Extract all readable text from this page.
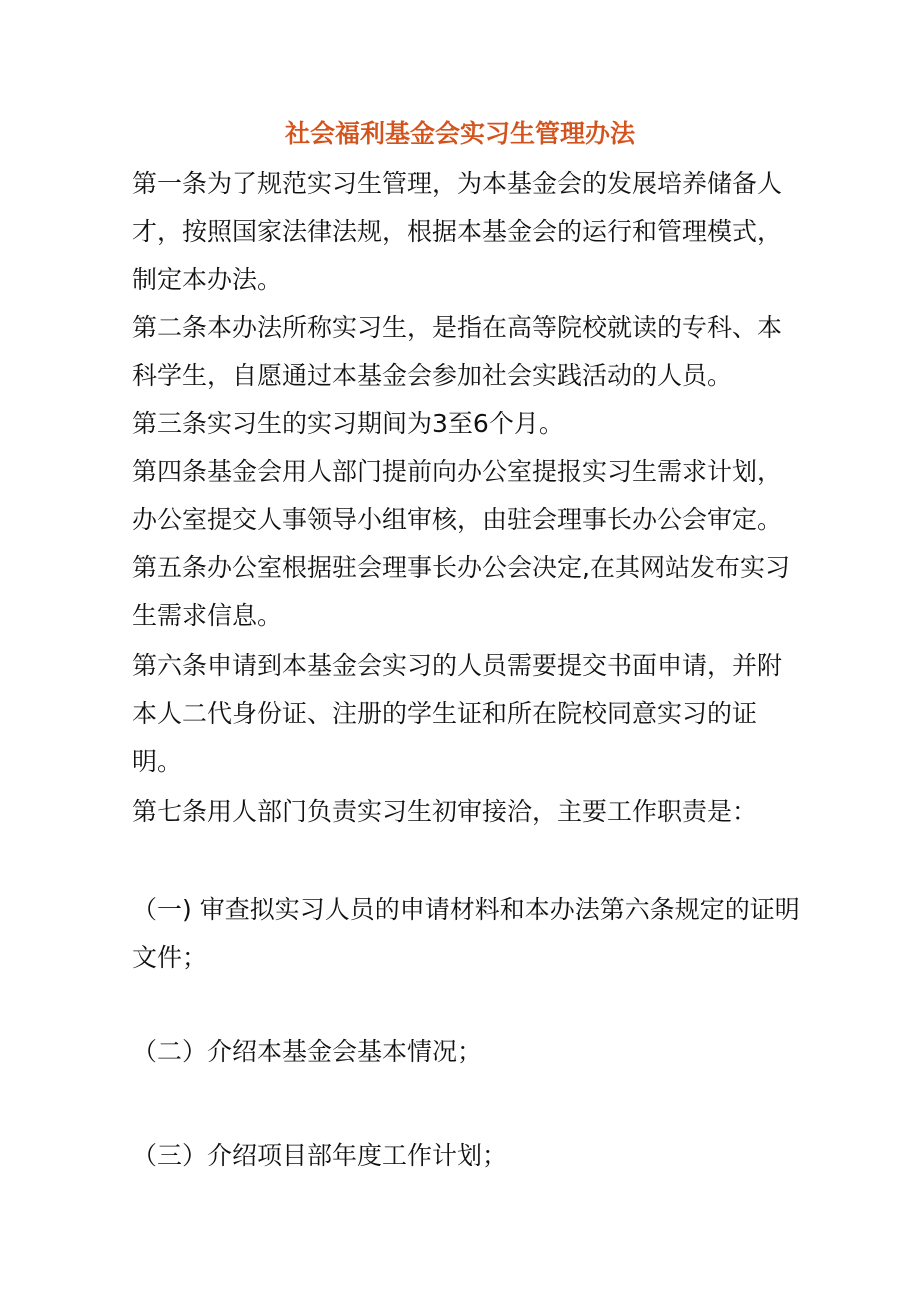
社会福利基金会实习生管理办法

第一条为了规范实习生管理，为本基金会的发展培养储备人

才，按照国家法律法规，根据本基金会的运行和管理模式，

制定本办法。

第二条本办法所称实习生，是指在高等院校就读的专科、本

科学生，自愿通过本基金会参加社会实践活动的人员。

第三条实习生的实习期间为3至6个月。

第四条基金会用人部门提前向办公室提报实习生需求计划，

办公室提交人事领导小组审核，由驻会理事长办公会审定。

第五条办公室根据驻会理事长办公会决定,在其网站发布实习

生需求信息。

第六条申请到本基金会实习的人员需要提交书面申请，并附

本人二代身份证、注册的学生证和所在院校同意实习的证

明。

第七条用人部门负责实习生初审接洽，主要工作职责是：

（一) 审查拟实习人员的申请材料和本办法第六条规定的证明

文件；

（二）介绍本基金会基本情况；

（三）介绍项目部年度工作计划；
